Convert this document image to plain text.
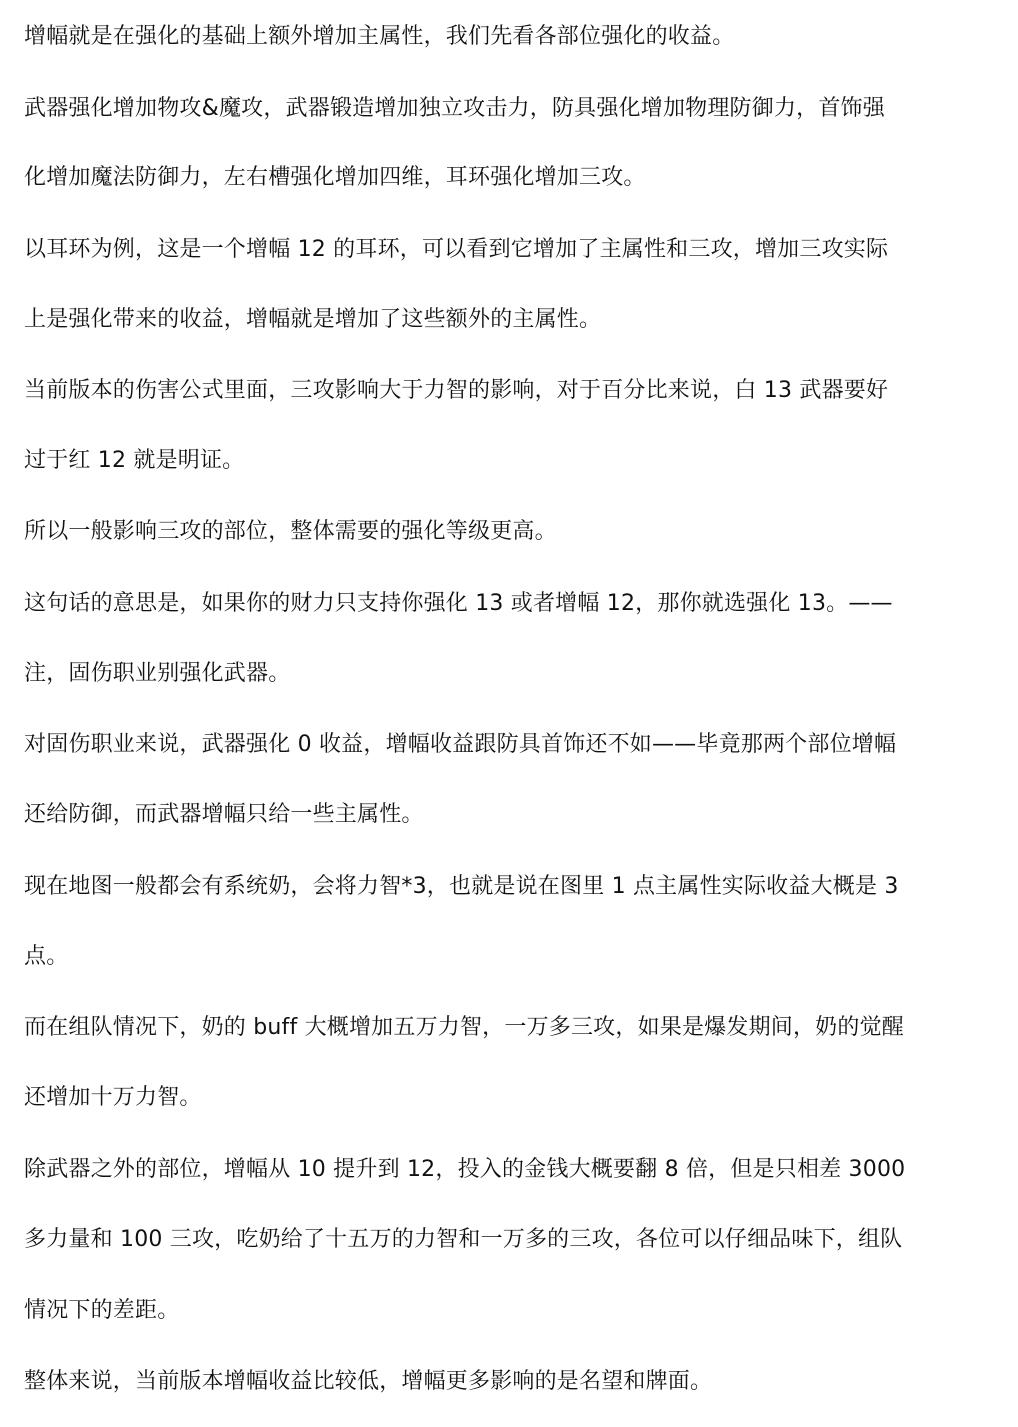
增幅就是在强化的基础上额外增加主属性，我们先看各部位强化的收益。
武器强化增加物攻&魔攻，武器锻造增加独立攻击力，防具强化增加物理防御力，首饰强
化增加魔法防御力，左右槽强化增加四维，耳环强化增加三攻。
以耳环为例，这是一个增幅 12 的耳环，可以看到它增加了主属性和三攻，增加三攻实际
上是强化带来的收益，增幅就是增加了这些额外的主属性。
当前版本的伤害公式里面，三攻影响大于力智的影响，对于百分比来说，白 13 武器要好
过于红 12 就是明证。
所以一般影响三攻的部位，整体需要的强化等级更高。
这句话的意思是，如果你的财力只支持你强化 13 或者增幅 12，那你就选强化 13。——
注，固伤职业别强化武器。
对固伤职业来说，武器强化 0 收益，增幅收益跟防具首饰还不如——毕竟那两个部位增幅
还给防御，而武器增幅只给一些主属性。
现在地图一般都会有系统奶，会将力智*3，也就是说在图里 1 点主属性实际收益大概是 3
点。
而在组队情况下，奶的 buff 大概增加五万力智，一万多三攻，如果是爆发期间，奶的觉醒
还增加十万力智。
除武器之外的部位，增幅从 10 提升到 12，投入的金钱大概要翻 8 倍，但是只相差 3000
多力量和 100 三攻，吃奶给了十五万的力智和一万多的三攻，各位可以仔细品味下，组队
情况下的差距。
整体来说，当前版本增幅收益比较低，增幅更多影响的是名望和牌面。
